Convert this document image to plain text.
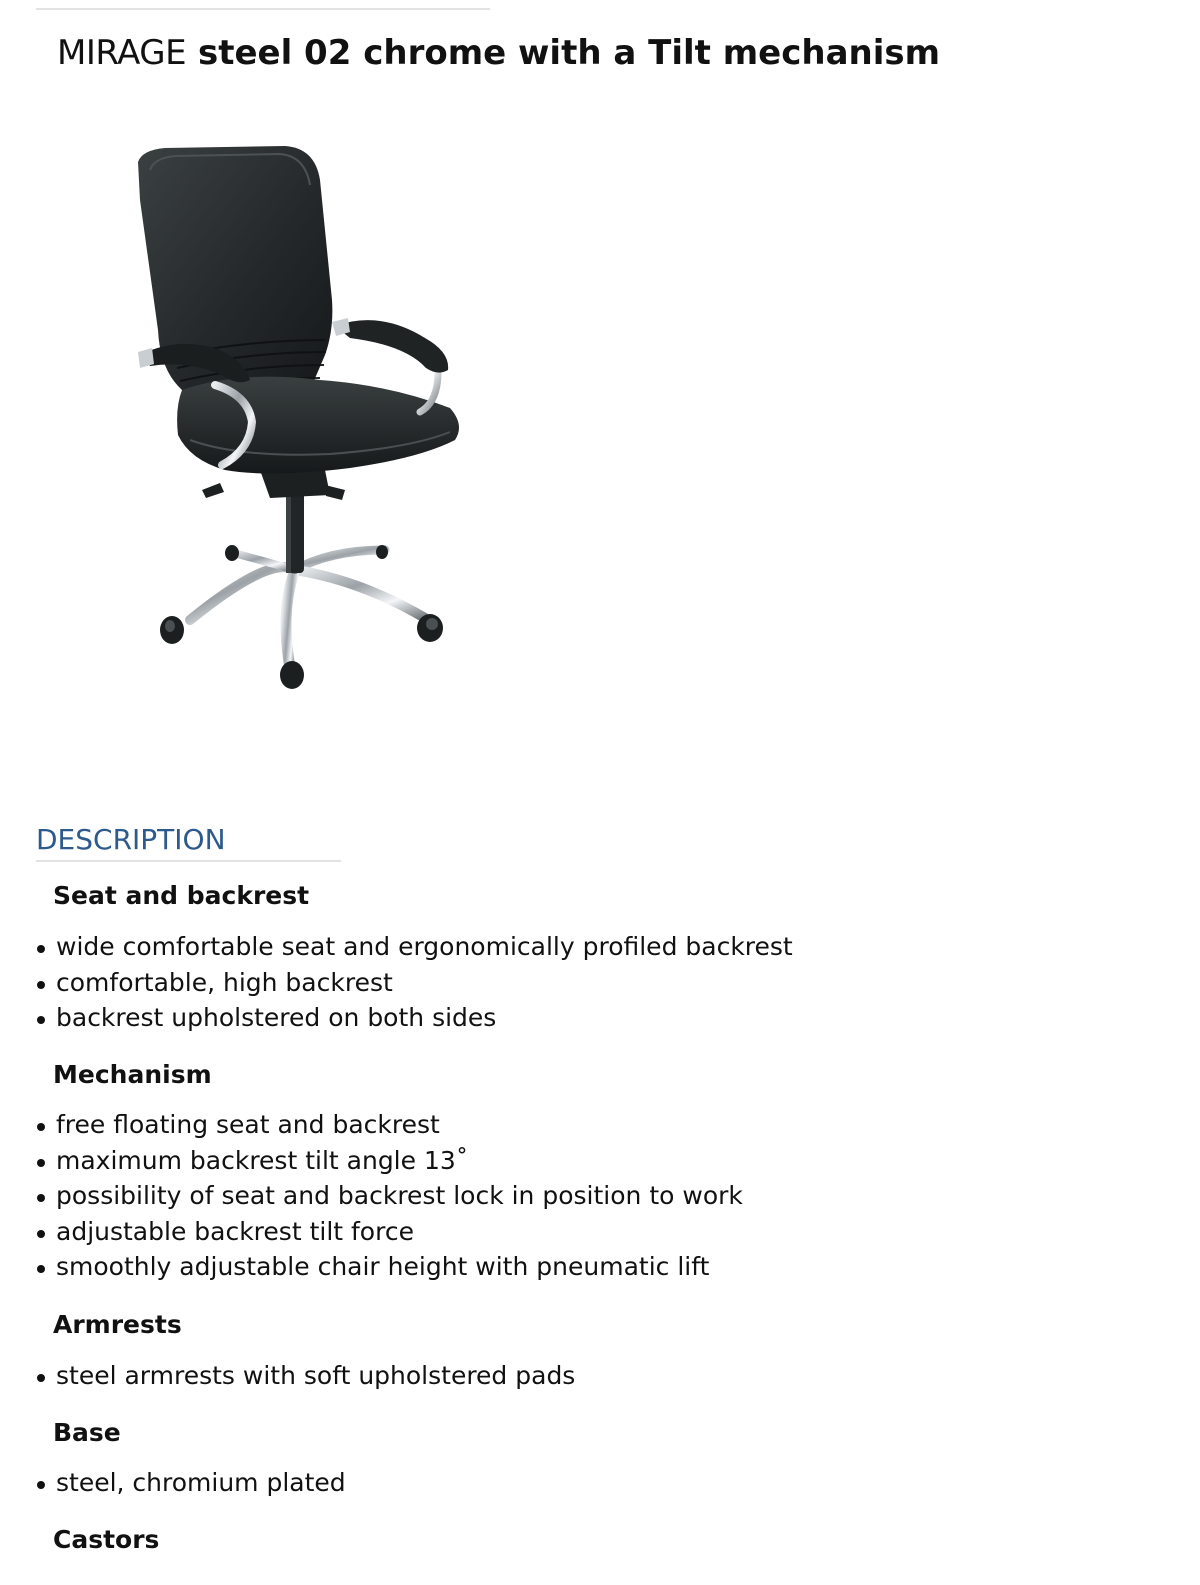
MIRAGE steel 02 chrome with a Tilt mechanism
DESCRIPTION
Seat and backrest
wide comfortable seat and ergonomically profiled backrest
comfortable, high backrest
backrest upholstered on both sides
Mechanism
free floating seat and backrest
maximum backrest tilt angle 13˚
possibility of seat and backrest lock in position to work
adjustable backrest tilt force
smoothly adjustable chair height with pneumatic lift
Armrests
steel armrests with soft upholstered pads
Base
steel, chromium plated
Castors
